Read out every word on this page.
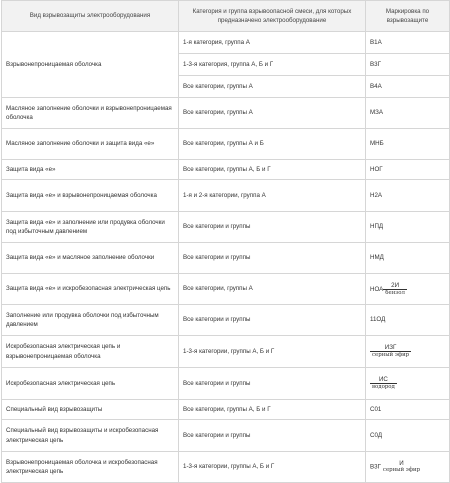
Вид взрывозащиты электрооборудования	Категория и группа взрывоопасной смеси, для которых предназначено электрооборудование	Маркировка по взрывозащите
Взрывонепроницаемая оболочка	1-я категория, группа А	В1А
	1-3-я категория, группа А, Б и Г	В3Г
	Все категории, группы А	В4А
Масляное заполнение оболочки и взрывонепроницаемая оболочка	Все категории, группы А	МЗА
Масляное заполнение оболочки и защита вида «е»	Все категории, группы А и Б	МНБ
Защита вида «е»	Все категории, группы А, Б и Г	НОГ
Защита вида «е» и взрывонепроницаемая оболочка	1-я и 2-я категории, группа А	Н2А
Защита вида «е» и заполнение или продувка оболочки под избыточным давлением	Все категории и группы	НПД
Защита вида «е» и масляное заполнение оболочки	Все категории и группы	НМД
Защита вида «е» и искробезопасная электрическая цепь	Все категории, группы А	НОА $\frac{2И}{\text{бензол}}$

Заполнение или продувка оболочки под избыточным давлением	Все категории и группы	11ОД
Искробезопасная электрическая цепь и взрывонепроницаемая оболочка	1-3-я категории, группы А, Б и Г	$\frac{\text{ИЗГ}}{\text{серный эфир}}$

Искробезопасная электрическая цепь	Все категории и группы	$\frac{ИС}{\text{водород}}$

Специальный вид взрывозащиты	Все категории, группы А, Б и Г	С01
Специальный вид взрывозащиты и искробезопасная электрическая цепь	Все категории и группы	С0Д
Взрывонепроницаемая оболочка и искробезопасная электрическая цепь	1-3-я категории, группы А, Б и Г	В3Г И
серный эфир
